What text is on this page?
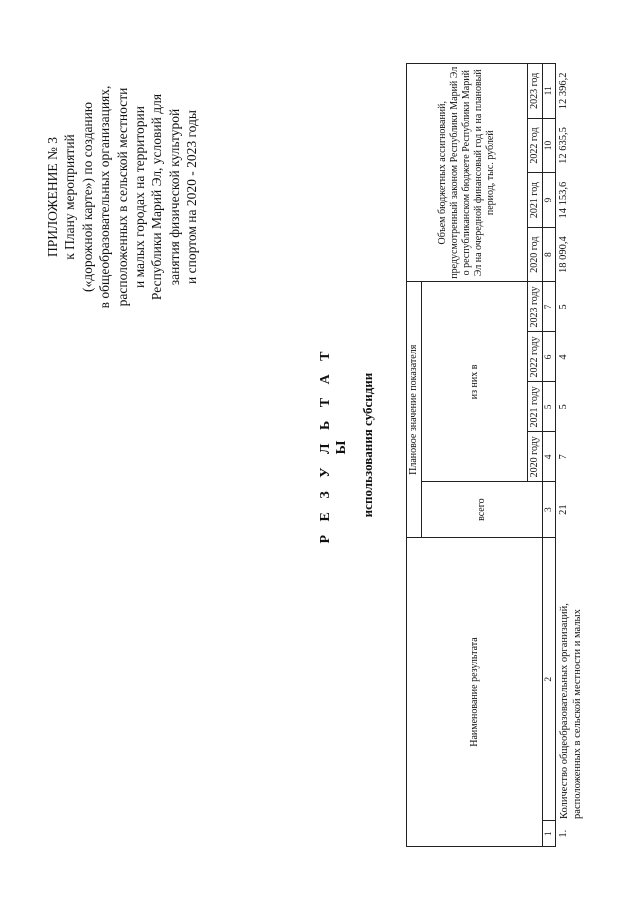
ПРИЛОЖЕНИЕ № 3 к Плану мероприятий («дорожной карте») по созданию в общеобразовательных организациях, расположенных в сельской местности и малых городах на территории Республики Марий Эл, условий для занятия физической культурой и спортом на 2020 - 2023 годы
Р Е З У Л Ь Т А Т Ы использования субсидии
Наименование результата		Плановое значение показателя					Объем бюджетных ассигнований, предусмотренный законом Республики Марий Эл о республиканском бюджете Республики Марий Эл на очередной финансовый год и на плановый период, тыс. рублей			
		всего	из них в							
			2020 году	2021 году	2022 году	2023 году	2020 год	2021 год	2022 год	2023 год
1	2	3	4	5	6	7	8	9	10	11
1.	Количество общеобразовательных организаций, расположенных в сельской местности и малых	21	7	5	4	5	18 090,4	14 153,6	12 635,5	12 396,2
